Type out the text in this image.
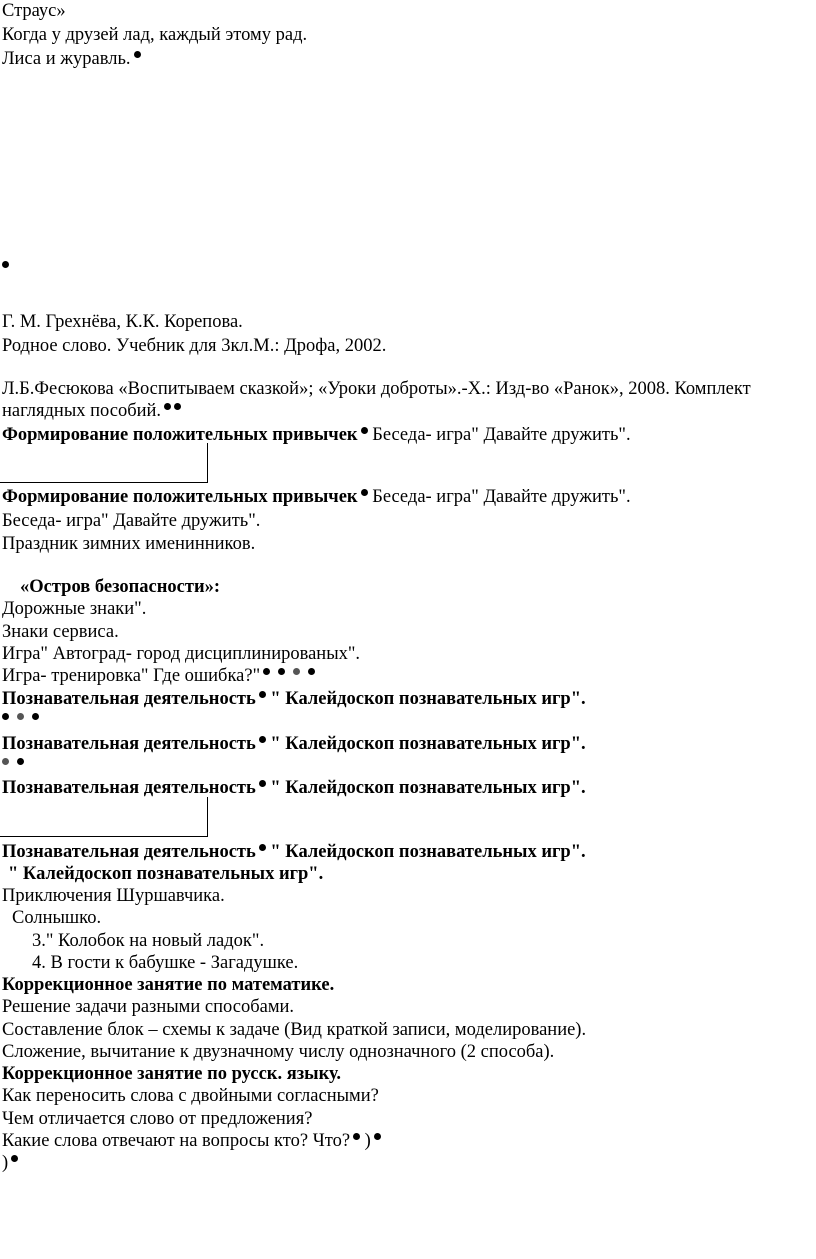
Страус»
Когда у друзей лад, каждый этому рад.
Лиса и журавль.
Г. М. Грехнёва, К.К. Корепова.
Родное слово. Учебник для 3кл.М.: Дрофа, 2002.
Л.Б.Фесюкова «Воспитываем сказкой»; «Уроки доброты».-Х.: Изд-во «Ранок», 2008. Комплект
наглядных пособий.
Формирование положительных привычек Беседа- игра" Давайте дружить".
Формирование положительных привычек Беседа- игра" Давайте дружить".
Беседа- игра" Давайте дружить".
Праздник зимних именинников.
«Остров безопасности»:
Дорожные знаки".
Знаки сервиса.
Игра" Автоград- город дисциплинированых".
Игра- тренировка" Где ошибка?"
Познавательная деятельность " Калейдоскоп познавательных игр".
Познавательная деятельность " Калейдоскоп познавательных игр".
Познавательная деятельность " Калейдоскоп познавательных игр".
Познавательная деятельность " Калейдоскоп познавательных игр".
" Калейдоскоп познавательных игр".
Приключения Шуршавчика.
Солнышко.
3." Колобок на новый ладок".
4. В гости к бабушке - Загадушке.
Коррекционное занятие по математике.
Решение задачи разными способами.
Составление блок – схемы к задаче (Вид краткой записи, моделирование).
Сложение, вычитание к двузначному числу однозначного (2 способа).
Коррекционное занятие по русск. языку.
Как переносить слова с двойными согласными?
Чем отличается слово от предложения?
Какие слова отвечают на вопросы кто? Что? )
)
